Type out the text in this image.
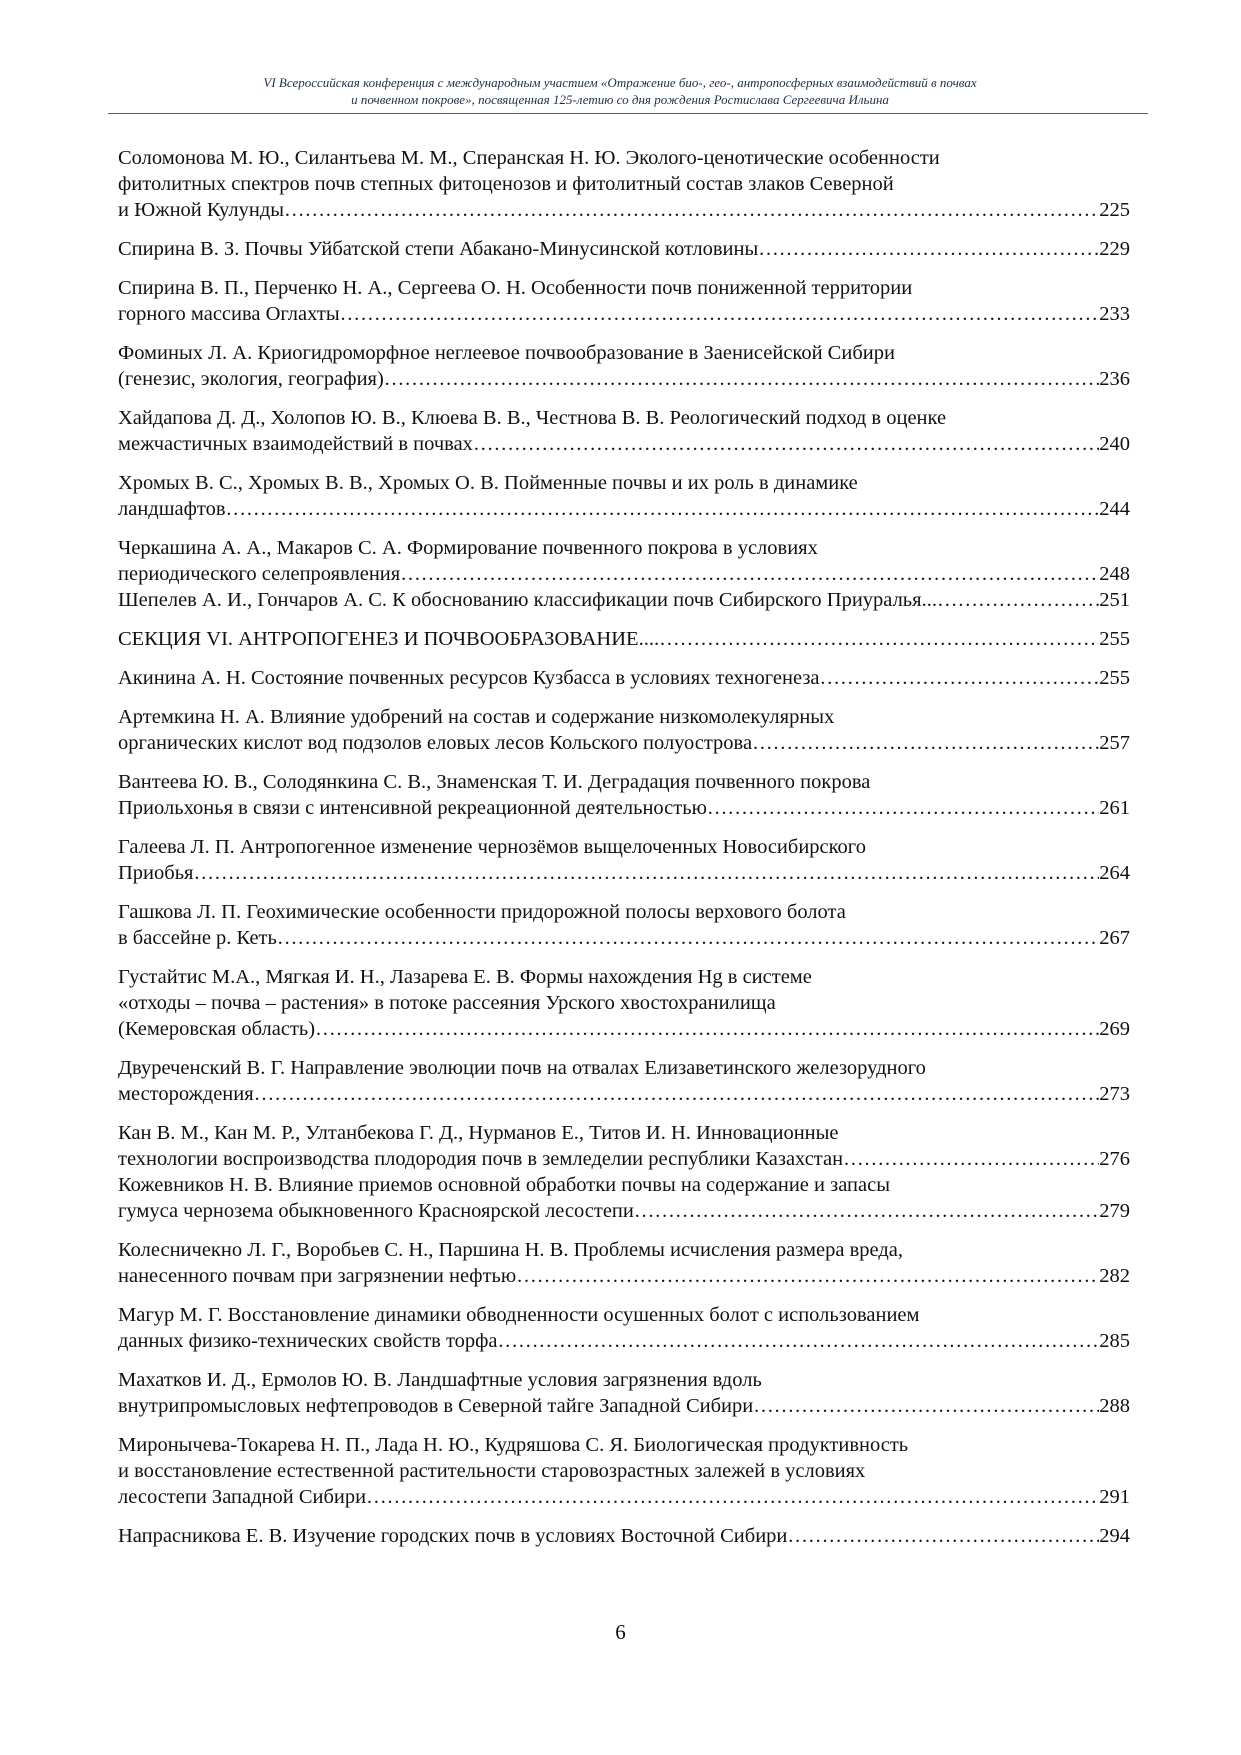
VI Всероссийская конференция с международным участием «Отражение био-, гео-, антропосферных взаимодействий в почвах
и почвенном покрове», посвященная 125-летию со дня рождения Ростислава Сергеевича Ильина
Соломонова М. Ю., Силантьева М. М., Сперанская Н. Ю. Эколого-ценотические особенности
фитолитных спектров почв степных фитоценозов и фитолитный состав злаков Северной
и Южной Кулунды …………………………………………………………………………………………………………………………………………………………………………………………………	225
Спирина В. З. Почвы Уйбатской степи Абакано-Минусинской котловины …………………………………………………………………………………………………………………………………………………………………………………………………	229
Спирина В. П., Перченко Н. А., Сергеева О. Н. Особенности почв пониженной территории
горного массива Оглахты …………………………………………………………………………………………………………………………………………………………………………………………………	233
Фоминых Л. А. Криогидроморфное неглеевое почвообразование в Заенисейской Сибири
(генезис, экология, география) …………………………………………………………………………………………………………………………………………………………………………………………………	236
Хайдапова Д. Д., Холопов Ю. В., Клюева В. В., Честнова В. В. Реологический подход в оценке
межчастичных взаимодействий в почвах …………………………………………………………………………………………………………………………………………………………………………………………………	240
Хромых В. С., Хромых В. В., Хромых О. В. Пойменные почвы и их роль в динамике
ландшафтов …………………………………………………………………………………………………………………………………………………………………………………………………	244
Черкашина А. А., Макаров С. А. Формирование почвенного покрова в условиях
периодического селепроявления …………………………………………………………………………………………………………………………………………………………………………………………………	248
Шепелев А. И., Гончаров А. С. К обоснованию классификации почв Сибирского Приуралья... …………………………………………………………………………………………………………………………………………………………………………………………………	251
СЕКЦИЯ VI. АНТРОПОГЕНЕЗ И ПОЧВООБРАЗОВАНИЕ.... …………………………………………………………………………………………………………………………………………………………………………………………………	255
Акинина А. Н. Состояние почвенных ресурсов Кузбасса в условиях техногенеза …………………………………………………………………………………………………………………………………………………………………………………………………	255
Артемкина Н. А. Влияние удобрений на состав и содержание низкомолекулярных
органических кислот вод подзолов еловых лесов Кольского полуострова …………………………………………………………………………………………………………………………………………………………………………………………………	257
Вантеева Ю. В., Солодянкина С. В., Знаменская Т. И. Деградация почвенного покрова
Приольхонья в связи с интенсивной рекреационной деятельностью …………………………………………………………………………………………………………………………………………………………………………………………………	261
Галеева Л. П. Антропогенное изменение чернозёмов выщелоченных Новосибирского
Приобья …………………………………………………………………………………………………………………………………………………………………………………………………	264
Гашкова Л. П. Геохимические особенности придорожной полосы верхового болота
в бассейне р. Кеть …………………………………………………………………………………………………………………………………………………………………………………………………	267
Густайтис М.А., Мягкая И. Н., Лазарева Е. В. Формы нахождения Hg в системе
«отходы – почва – растения» в потоке рассеяния Урского хвостохранилища
(Кемеровская область) …………………………………………………………………………………………………………………………………………………………………………………………………	269
Двуреченский В. Г. Направление эволюции почв на отвалах Елизаветинского железорудного
месторождения …………………………………………………………………………………………………………………………………………………………………………………………………	273
Кан В. М., Кан М. Р., Ултанбекова Г. Д., Нурманов Е., Титов И. Н. Инновационные
технологии воспроизводства плодородия почв в земледелии республики Казахстан …………………………………………………………………………………………………………………………………………………………………………………………………	276
Кожевников Н. В. Влияние приемов основной обработки почвы на содержание и запасы
гумуса чернозема обыкновенного Красноярской лесостепи …………………………………………………………………………………………………………………………………………………………………………………………………	279
Колесничекно Л. Г., Воробьев С. Н., Паршина Н. В. Проблемы исчисления размера вреда,
нанесенного почвам при загрязнении нефтью …………………………………………………………………………………………………………………………………………………………………………………………………	282
Магур М. Г. Восстановление динамики обводненности осушенных болот с использованием
данных физико-технических свойств торфа …………………………………………………………………………………………………………………………………………………………………………………………………	285
Махатков И. Д., Ермолов Ю. В. Ландшафтные условия загрязнения вдоль
внутрипромысловых нефтепроводов в Северной тайге Западной Сибири …………………………………………………………………………………………………………………………………………………………………………………………………	288
Миронычева-Токарева Н. П., Лада Н. Ю., Кудряшова С. Я. Биологическая продуктивность
и восстановление естественной растительности старовозрастных залежей в условиях
лесостепи Западной Сибири …………………………………………………………………………………………………………………………………………………………………………………………………	291
Напрасникова Е. В. Изучение городских почв в условиях Восточной Сибири …………………………………………………………………………………………………………………………………………………………………………………………………	294
6
